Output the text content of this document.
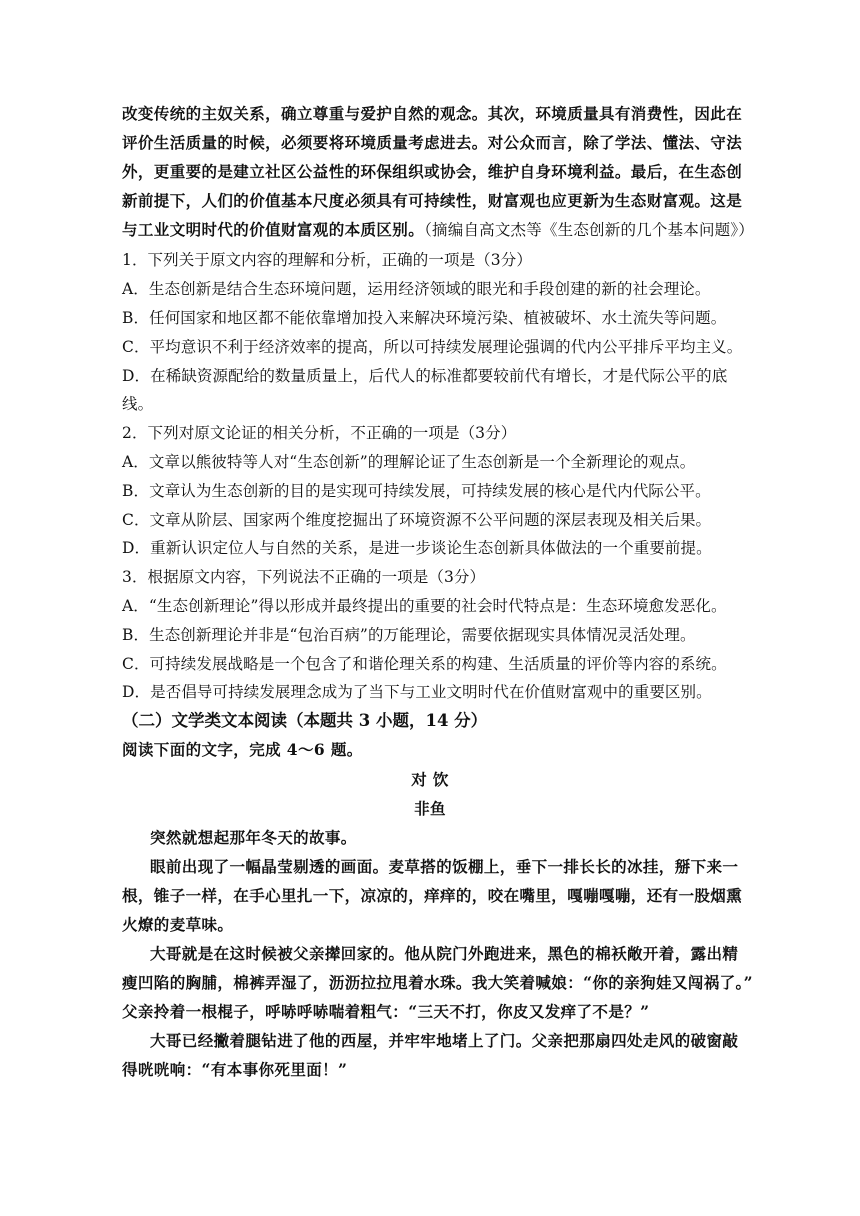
改变传统的主奴关系，确立尊重与爱护自然的观念。其次，环境质量具有消费性，因此在
评价生活质量的时候，必须要将环境质量考虑进去。对公众而言，除了学法、懂法、守法
外，更重要的是建立社区公益性的环保组织或协会，维护自身环境利益。最后，在生态创
新前提下，人们的价值基本尺度必须具有可持续性，财富观也应更新为生态财富观。这是
与工业文明时代的价值财富观的本质区别。（摘编自高文杰等《生态创新的几个基本问题》）
1．下列关于原文内容的理解和分析，正确的一项是（3分）
A．生态创新是结合生态环境问题，运用经济领域的眼光和手段创建的新的社会理论。
B．任何国家和地区都不能依靠增加投入来解决环境污染、植被破坏、水土流失等问题。
C．平均意识不利于经济效率的提高，所以可持续发展理论强调的代内公平排斥平均主义。
D．在稀缺资源配给的数量质量上，后代人的标准都要较前代有增长，才是代际公平的底
线。
2．下列对原文论证的相关分析，不正确的一项是（3分）
A．文章以熊彼特等人对“生态创新”的理解论证了生态创新是一个全新理论的观点。
B．文章认为生态创新的目的是实现可持续发展，可持续发展的核心是代内代际公平。
C．文章从阶层、国家两个维度挖掘出了环境资源不公平问题的深层表现及相关后果。
D．重新认识定位人与自然的关系，是进一步谈论生态创新具体做法的一个重要前提。
3．根据原文内容，下列说法不正确的一项是（3分）
A．“生态创新理论”得以形成并最终提出的重要的社会时代特点是：生态环境愈发恶化。
B．生态创新理论并非是“包治百病”的万能理论，需要依据现实具体情况灵活处理。
C．可持续发展战略是一个包含了和谐伦理关系的构建、生活质量的评价等内容的系统。
D．是否倡导可持续发展理念成为了当下与工业文明时代在价值财富观中的重要区别。
（二）文学类文本阅读（本题共 3 小题，14 分）
阅读下面的文字，完成 4～6 题。
对 饮
非鱼
突然就想起那年冬天的故事。
眼前出现了一幅晶莹剔透的画面。麦草搭的饭棚上，垂下一排长长的冰挂，掰下来一
根，锥子一样，在手心里扎一下，凉凉的，痒痒的，咬在嘴里，嘎嘣嘎嘣，还有一股烟熏
火燎的麦草味。
大哥就是在这时候被父亲撵回家的。他从院门外跑进来，黑色的棉袄敞开着，露出精
瘦凹陷的胸脯，棉裤弄湿了，沥沥拉拉甩着水珠。我大笑着喊娘：“你的亲狗娃又闯祸了。”
父亲拎着一根棍子，呼哧呼哧喘着粗气：“三天不打，你皮又发痒了不是？”
大哥已经撇着腿钻进了他的西屋，并牢牢地堵上了门。父亲把那扇四处走风的破窗敲
得咣咣响：“有本事你死里面！”
